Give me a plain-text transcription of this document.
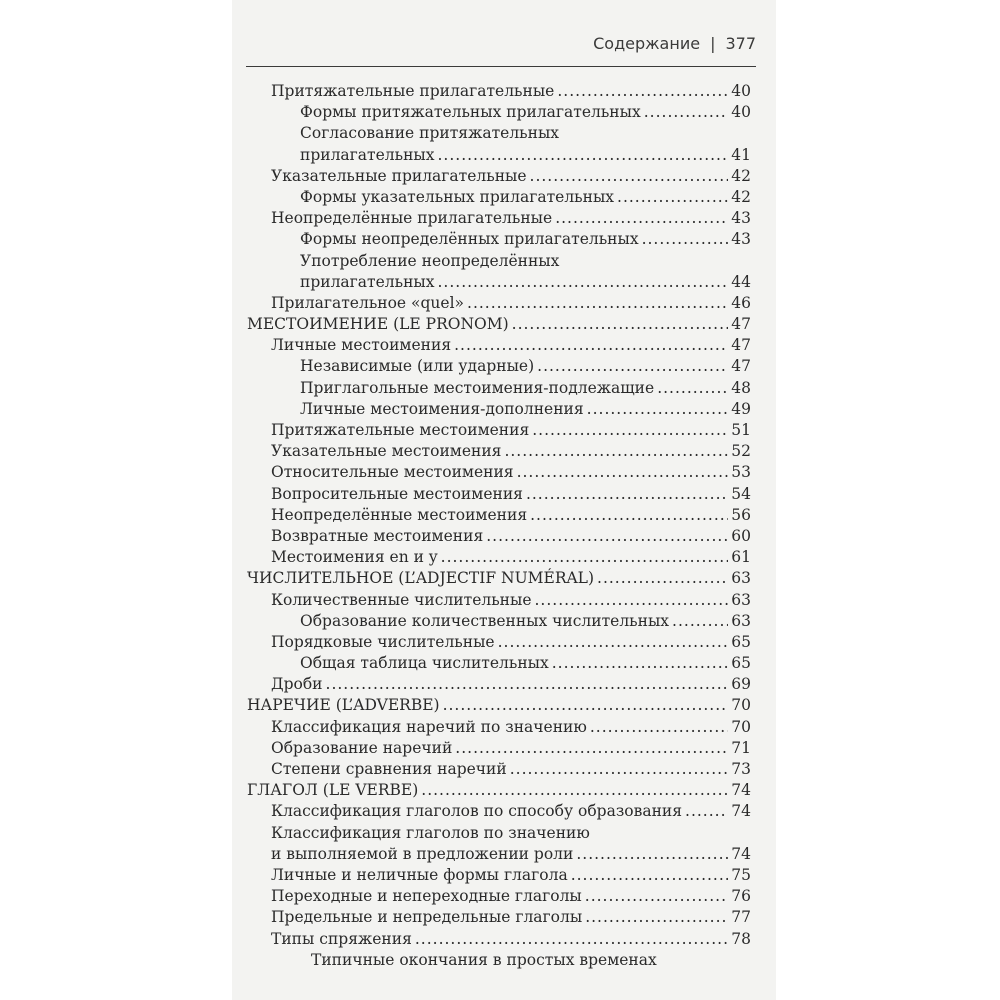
Содержание | 377
Притяжательные прилагательные .....	40
Формы притяжательных прилагательных .....	40
Согласование притяжательных
прилагательных .....	41
Указательные прилагательные .....	42
Формы указательных прилагательных .....	42
Неопределённые прилагательные .....	43
Формы неопределённых прилагательных .....	43
Употребление неопределённых
прилагательных .....	44
Прилагательное «quel» .....	46
МЕСТОИМЕНИЕ (LE PRONOM) .....	47
Личные местоимения .....	47
Независимые (или ударные) .....	47
Приглагольные местоимения-подлежащие .....	48
Личные местоимения-дополнения .....	49
Притяжательные местоимения .....	51
Указательные местоимения .....	52
Относительные местоимения .....	53
Вопросительные местоимения .....	54
Неопределённые местоимения .....	56
Возвратные местоимения .....	60
Местоимения en и y .....	61
ЧИСЛИТЕЛЬНОЕ (L’ADJECTIF NUMÉRAL) .....	63
Количественные числительные .....	63
Образование количественных числительных .....	63
Порядковые числительные .....	65
Общая таблица числительных .....	65
Дроби .....	69
НАРЕЧИЕ (L’ADVERBE) .....	70
Классификация наречий по значению .....	70
Образование наречий .....	71
Степени сравнения наречий .....	73
ГЛАГОЛ (LE VERBE) .....	74
Классификация глаголов по способу образования .....	74
Классификация глаголов по значению
и выполняемой в предложении роли .....	74
Личные и неличные формы глагола .....	75
Переходные и непереходные глаголы .....	76
Предельные и непредельные глаголы .....	77
Типы спряжения .....	78
Типичные окончания в простых временах
